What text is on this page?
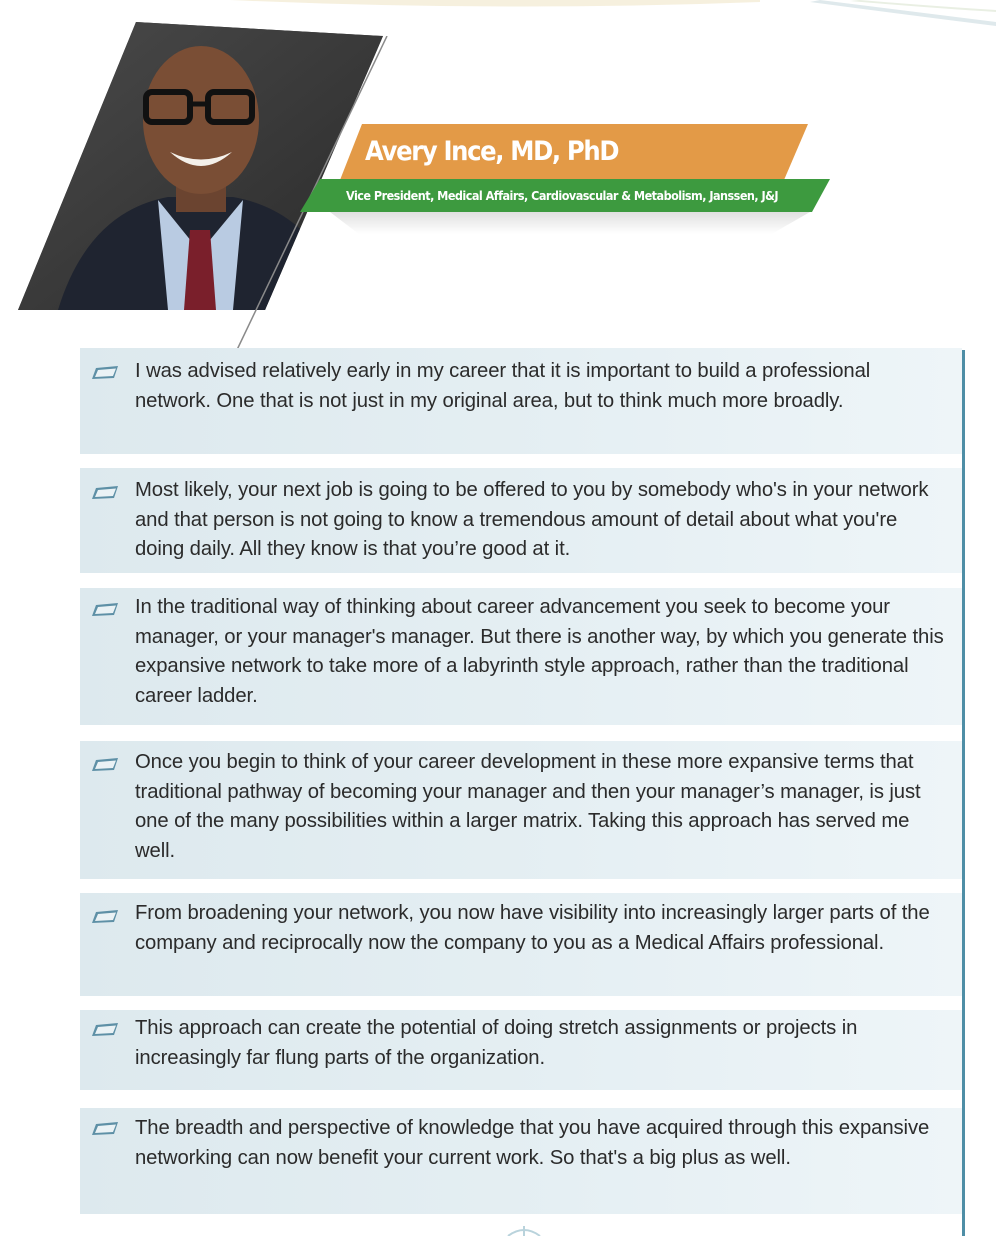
Avery Ince, MD, PhD
Vice President, Medical Affairs, Cardiovascular & Metabolism, Janssen, J&J
I was advised relatively early in my career that it is important to build a professional network. One that is not just in my original area, but to think much more broadly.
Most likely, your next job is going to be offered to you by somebody who's in your network and that person is not going to know a tremendous amount of detail about what you're doing daily. All they know is that you’re good at it.
In the traditional way of thinking about career advancement you seek to become your manager, or your manager's manager. But there is another way, by which you generate this expansive network to take more of a labyrinth style approach, rather than the traditional career ladder.
Once you begin to think of your career development in these more expansive terms that traditional pathway of becoming your manager and then your manager’s manager, is just one of the many possibilities within a larger matrix. Taking this approach has served me well.
From broadening your network, you now have visibility into increasingly larger parts of the company and reciprocally now the company to you as a Medical Affairs professional.
This approach can create the potential of doing stretch assignments or projects in increasingly far flung parts of the organization.
The breadth and perspective of knowledge that you have acquired through this expansive networking can now benefit your current work. So that's a big plus as well.
